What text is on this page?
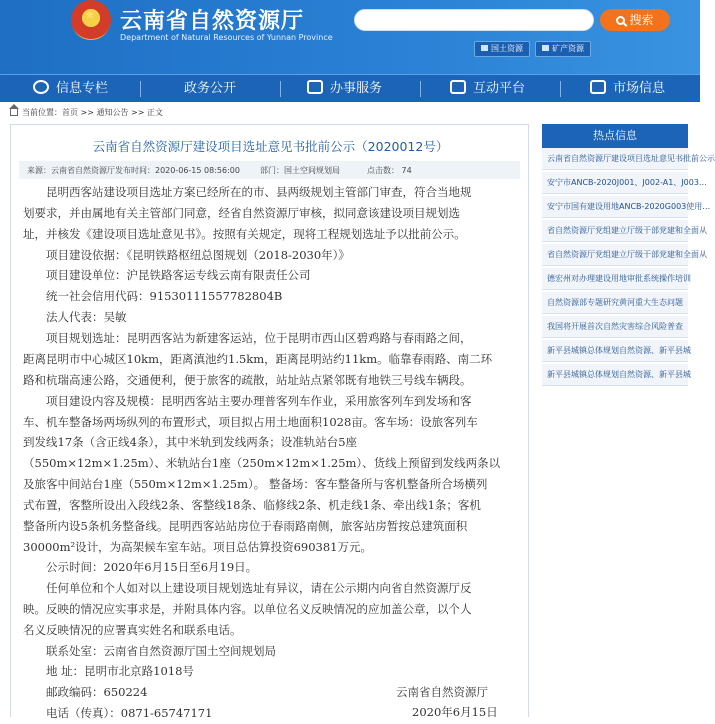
★ 云南省自然资源厅
Department of Natural Resources of Yunnan Province
搜索
国土资源	矿产资源
信息专栏	政务公开	办事服务	互动平台	市场信息
当前位置：首页 >> 通知公告 >> 正文
云南省自然资源厅建设项目选址意见书批前公示（2020012号）
来源：云南省自然资源厅 发布时间：2020-06-15 08:56:00	部门：国土空间规划局	点击数： 74
昆明西客站建设项目选址方案已经所在的市、县两级规划主管部门审查，符合当地规
划要求，并由属地有关主管部门同意，经省自然资源厅审核，拟同意该建设项目规划选
址，并核发《建设项目选址意见书》。按照有关规定，现将工程规划选址予以批前公示。
项目建设依据：《昆明铁路枢纽总图规划（2018-2030年）》
项目建设单位：沪昆铁路客运专线云南有限责任公司
统一社会信用代码：91530111557782804B
法人代表：吴敏
项目规划选址：昆明西客站为新建客运站，位于昆明市西山区碧鸡路与春雨路之间，
距离昆明市中心城区10km，距离滇池约1.5km，距离昆明站约11km。临靠春雨路、南二环
路和杭瑞高速公路，交通便利，便于旅客的疏散，站址站点紧邻既有地铁三号线车辆段。
项目建设内容及规模：昆明西客站主要办理普客列车作业，采用旅客列车到发场和客
车、机车整备场两场纵列的布置形式，项目拟占用土地面积1028亩。客车场：设旅客列车
到发线17条（含正线4条），其中米轨到发线两条；设准轨站台5座
（550m×12m×1.25m）、米轨站台1座（250m×12m×1.25m）、货线上预留到发线两条以
及旅客中间站台1座（550m×12m×1.25m）。 整备场：客车整备所与客机整备所合场横列
式布置，客整所设出入段线2条、客整线18条、临修线2条、机走线1条、牵出线1条；客机
整备所内设5条机务整备线。昆明西客站站房位于春雨路南侧，旅客站房暂按总建筑面积
30000m²设计，为高架候车室车站。项目总估算投资690381万元。
公示时间：2020年6月15日至6月19日。
任何单位和个人如对以上建设项目规划选址有异议，请在公示期内向省自然资源厅反
映。反映的情况应实事求是，并附具体内容。以单位名义反映情况的应加盖公章，以个人
名义反映情况的应署真实姓名和联系电话。
联系处室：云南省自然资源厅国土空间规划局
地 址：昆明市北京路1018号
邮政编码：650224
电话（传真）：0871-65747171
云南省自然资源厅
2020年6月15日
热点信息
云南省自然资源厅建设项目选址意见书批前公示
安宁市ANCB-2020J001、J002-A1、J003…
安宁市国有建设用地ANCB-2020G003使用…
省自然资源厅党组建立厅级干部党建和全面从
省自然资源厅党组建立厅级干部党建和全面从
德宏州对办理建设用地审批系统操作培训
自然资源部专题研究黄河重大生态问题
我国将开展首次自然灾害综合风险普查
新平县城镇总体规划自然资源、新平县城
新平县城镇总体规划自然资源、新平县城
